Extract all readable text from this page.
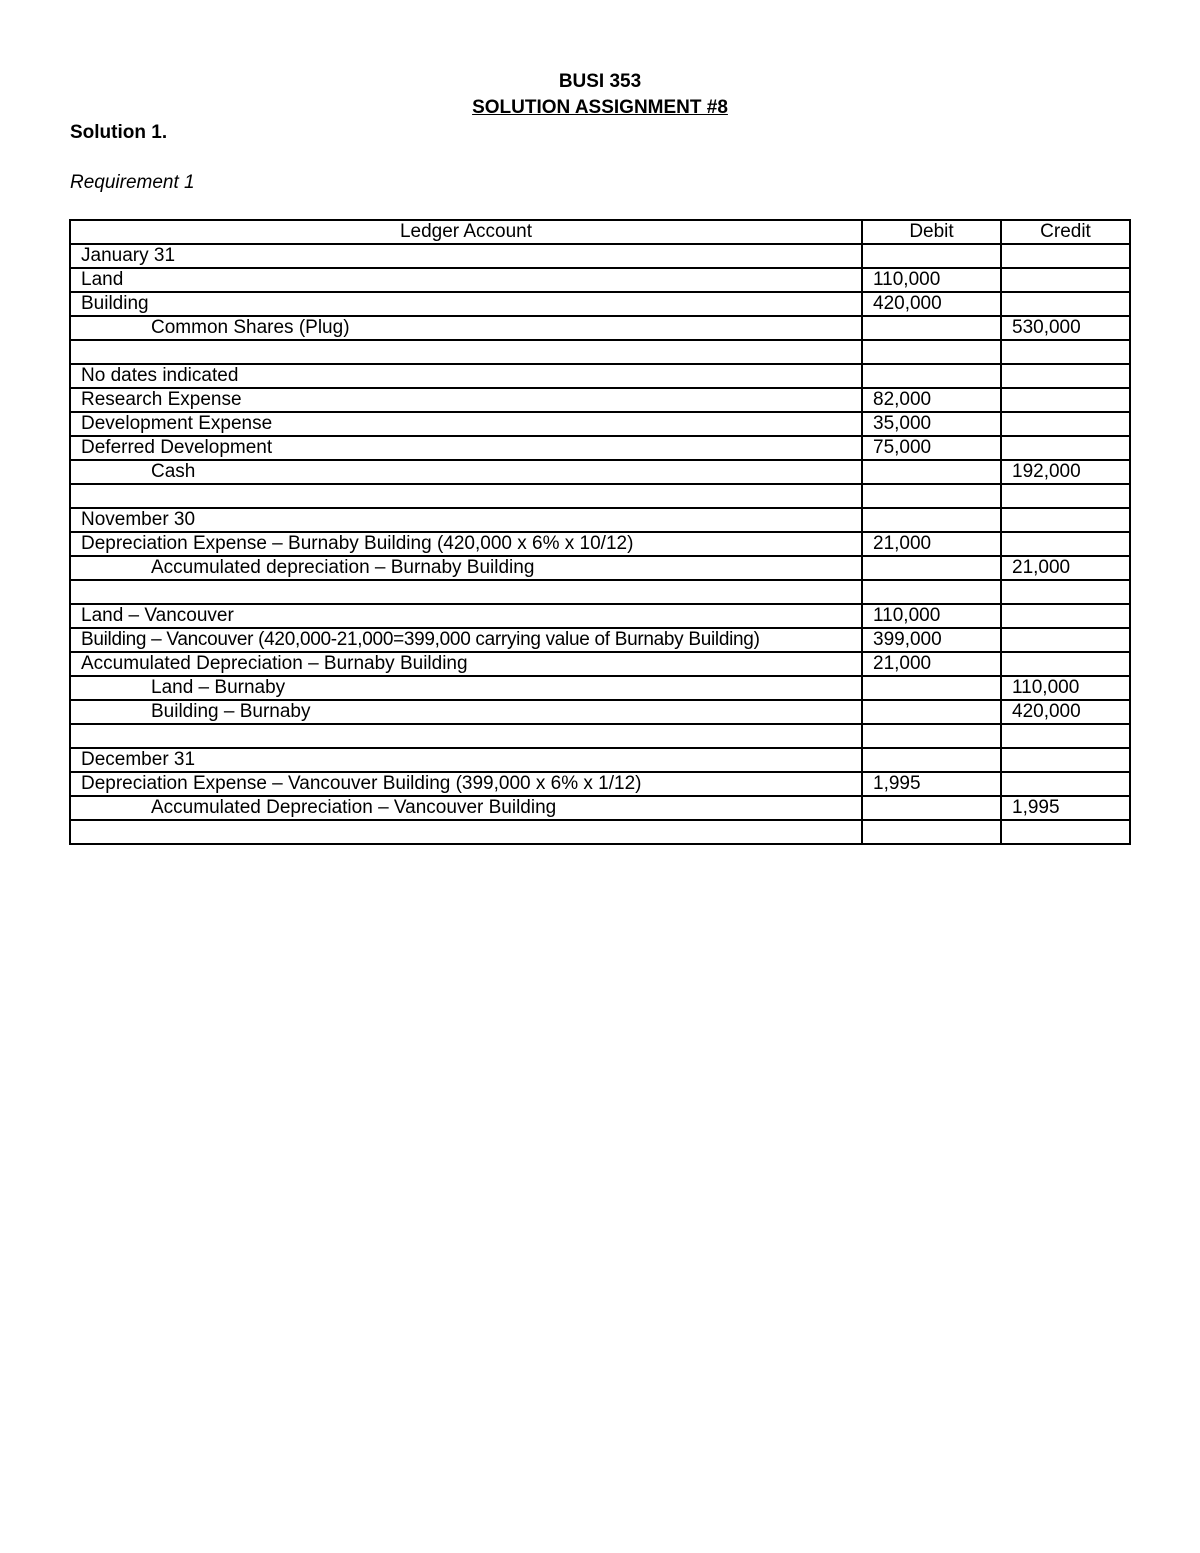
BUSI 353
SOLUTION ASSIGNMENT #8
Solution 1.
Requirement 1
Ledger Account	Debit	Credit
January 31		
Land	110,000	
Building	420,000	
Common Shares (Plug)		530,000

No dates indicated		
Research Expense	82,000	
Development Expense	35,000	
Deferred Development	75,000	
Cash		192,000

November 30		
Depreciation Expense – Burnaby Building (420,000 x 6% x 10/12)	21,000	
Accumulated depreciation – Burnaby Building		21,000

Land – Vancouver	110,000	
Building – Vancouver (420,000-21,000=399,000 carrying value of Burnaby Building)	399,000	
Accumulated Depreciation – Burnaby Building	21,000	
Land – Burnaby		110,000
Building – Burnaby		420,000

December 31		
Depreciation Expense – Vancouver Building (399,000 x 6% x 1/12)	1,995	
Accumulated Depreciation – Vancouver Building		1,995
